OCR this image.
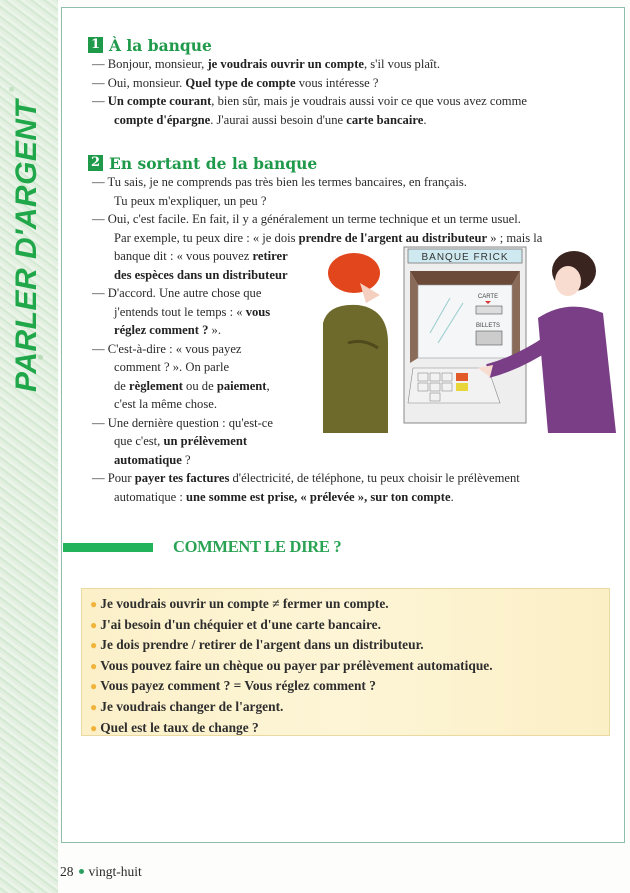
PARLER D'ARGENT
1 À la banque
— Bonjour, monsieur, je voudrais ouvrir un compte, s'il vous plaît.
— Oui, monsieur. Quel type de compte vous intéresse ?
— Un compte courant, bien sûr, mais je voudrais aussi voir ce que vous avez comme
compte d'épargne. J'aurai aussi besoin d'une carte bancaire.
2 En sortant de la banque
— Tu sais, je ne comprends pas très bien les termes bancaires, en français.
Tu peux m'expliquer, un peu ?
— Oui, c'est facile. En fait, il y a généralement un terme technique et un terme usuel.
Par exemple, tu peux dire : « je dois prendre de l'argent au distributeur » ; mais la
banque dit : « vous pouvez retirer
des espèces dans un distributeur
— D'accord. Une autre chose que
j'entends tout le temps : « vous
réglez comment ? ».
— C'est-à-dire : « vous payez
comment ? ». On parle
de règlement ou de paiement,
c'est la même chose.
— Une dernière question : qu'est-ce
que c'est, un prélèvement
automatique ?
— Pour payer tes factures d'électricité, de téléphone, tu peux choisir le prélèvement
automatique : une somme est prise, « prélevée », sur ton compte.
BANQUE FRICK
CARTE
BILLETS
COMMENT LE DIRE ?
● Je voudrais ouvrir un compte ≠ fermer un compte.
● J'ai besoin d'un chéquier et d'une carte bancaire.
● Je dois prendre / retirer de l'argent dans un distributeur.
● Vous pouvez faire un chèque ou payer par prélèvement automatique.
● Vous payez comment ? = Vous réglez comment ?
● Je voudrais changer de l'argent.
● Quel est le taux de change ?
28 vingt-huit
